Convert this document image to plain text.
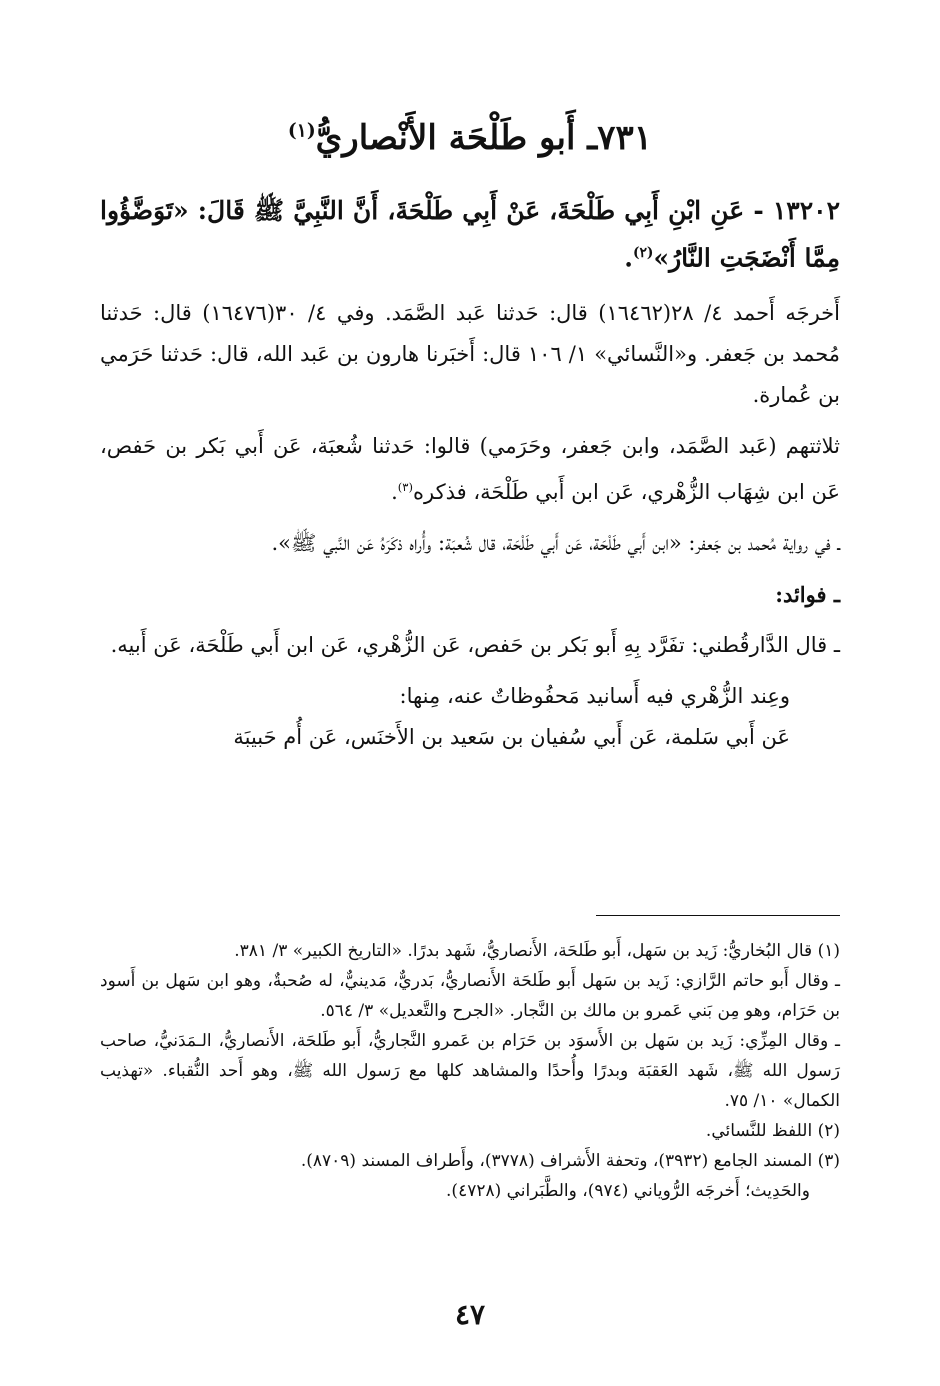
٧٣١ـ أَبو طَلْحَة الأَنْصاريُّ$^{(١)}$

١٣٢٠٢ - عَنِ ابْنِ أَبِي طَلْحَةَ، عَنْ أَبِي طَلْحَةَ، أَنَّ النَّبِيَّ ﷺ قَالَ: «تَوَضَّؤُوا مِمَّا أَنْضَجَتِ النَّارُ»$^{(٢)}$.

أَخرجَه أَحمد ٤/ ٢٨(١٦٤٦٢) قال: حَدثنا عَبد الصَّمَد. وفي ٤/ ٣٠(١٦٤٧٦) قال: حَدثنا مُحمد بن جَعفر. و«النَّسائي» ١/ ١٠٦ قال: أَخبَرنا هارون بن عَبد الله، قال: حَدثنا حَرَمي بن عُمارة.

ثلاثتهم (عَبد الصَّمَد، وابن جَعفر، وحَرَمي) قالوا: حَدثنا شُعبَة، عَن أَبي بَكر بن حَفص، عَن ابن شِهَاب الزُّهْري، عَن ابن أَبي طَلْحَة، فذكره$^{(٣)}$.

ـ في رواية مُحمد بن جَعفر: «ابن أَبي طَلْحَة، عَن أَبي طَلْحَة، قال شُعبَة: وأُراه ذكَرَهُ عَن النَّبي ﷺ».

ـ فوائد:

ـ قال الدَّارقُطني: تفَرَّد بِهِ أَبو بَكر بن حَفص، عَن الزُّهْري، عَن ابن أَبي طَلْحَة، عَن أَبيه.

وعِند الزُّهْري فيه أَسانيد مَحفُوظاتٌ عنه، مِنها:

عَن أَبي سَلمة، عَن أَبي سُفيان بن سَعيد بن الأَخنَس، عَن أُم حَبيبَة

(١) قال البُخاريُّ: زَيد بن سَهل، أَبو طَلحَة، الأَنصاريُّ، شَهد بدرًا. «التاريخ الكبير» ٣/ ٣٨١.

ـ وقال أَبو حاتم الرَّازي: زَيد بن سَهل أَبو طَلحَة الأَنصاريُّ، بَدريٌّ، مَدينيٌّ، له صُحبةٌ، وهو ابن سَهل بن أَسود بن حَرَام، وهو مِن بَني عَمرو بن مالك بن النَّجار. «الجرح والتَّعديل» ٣/ ٥٦٤.

ـ وقال المِزِّي: زَيد بن سَهل بن الأَسوَد بن حَرَام بن عَمرو النَّجاريُّ، أَبو طَلحَة، الأَنصاريُّ، الـمَدَنيُّ، صاحب رَسول الله ﷺ، شَهد العَقبَة وبدرًا وأُحدًا والمشاهد كلها مع رَسول الله ﷺ، وهو أَحد النُّقباء. «تهذيب الكمال» ١٠/ ٧٥.

(٢) اللفظ للنَّسائي.

(٣) المسند الجامع (٣٩٣٢)، وتحفة الأَشراف (٣٧٧٨)، وأَطراف المسند (٨٧٠٩).

والحَدِيث؛ أَخرجَه الرُّوياني (٩٧٤)، والطَّبَراني (٤٧٢٨).

٤٧
